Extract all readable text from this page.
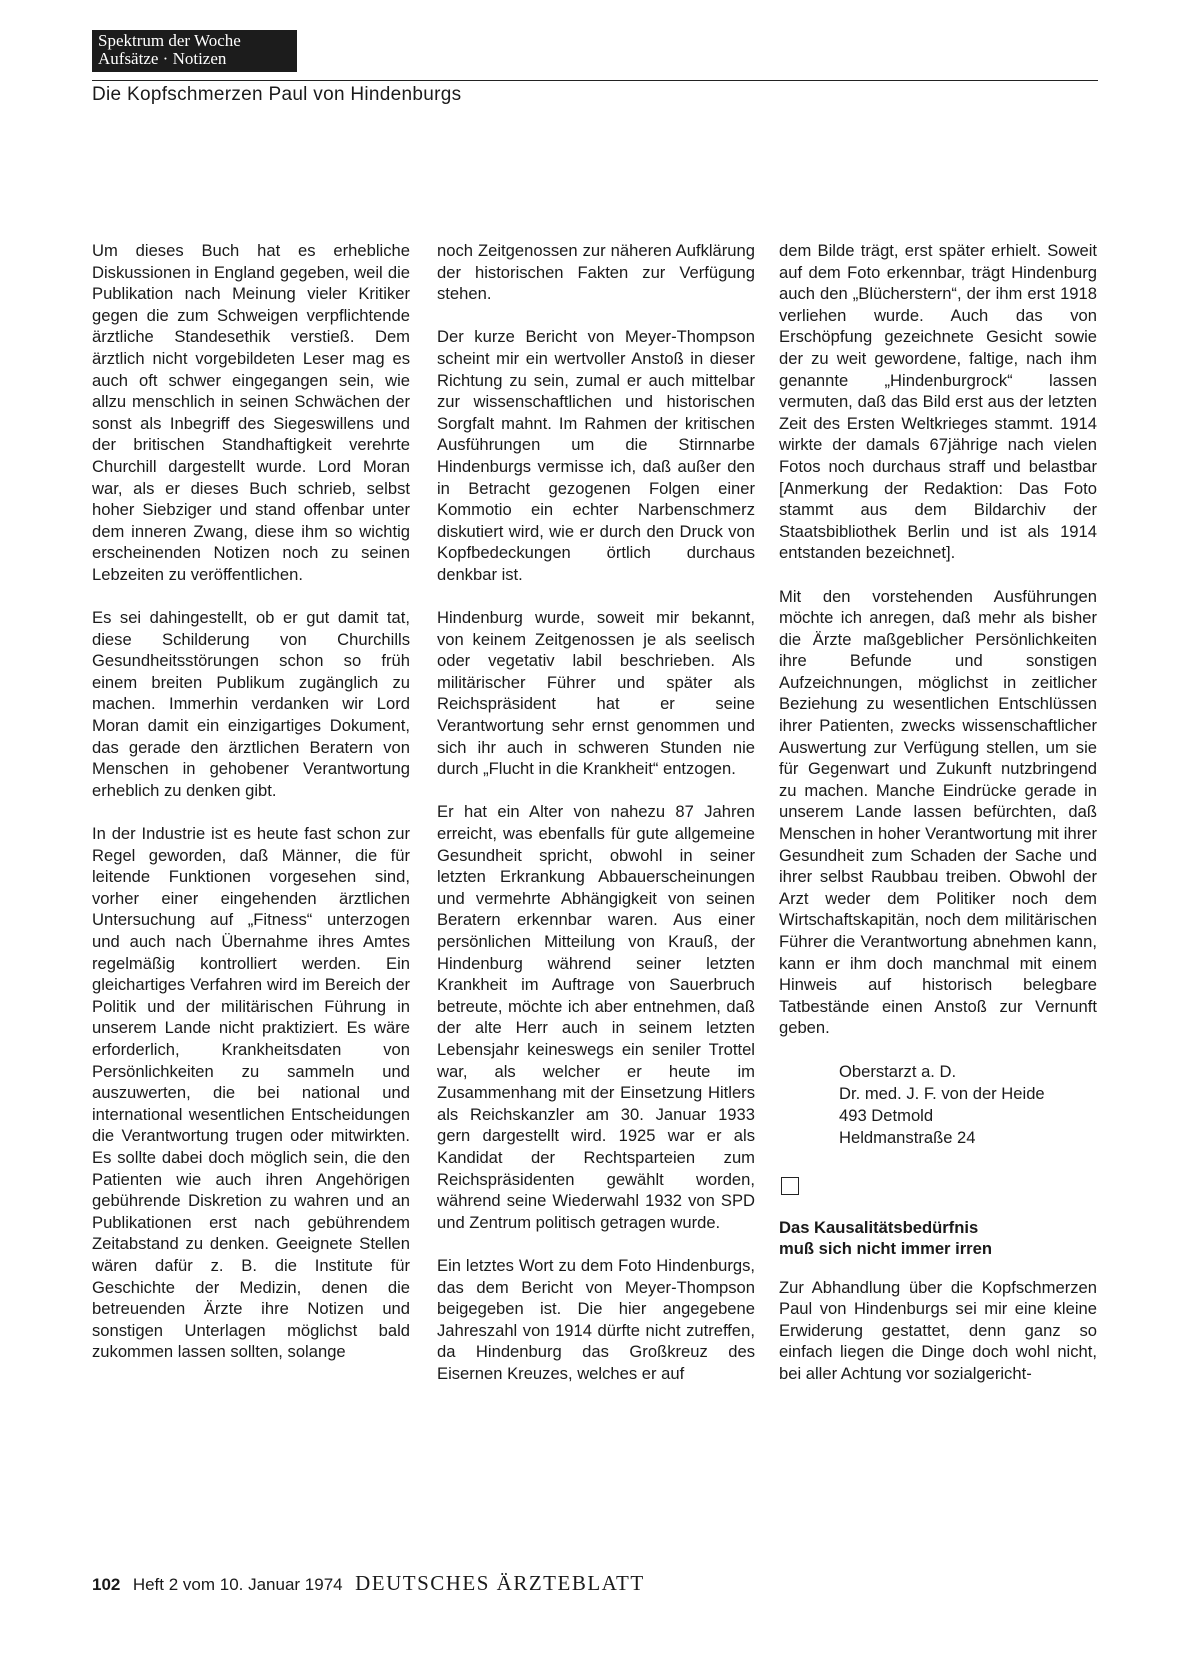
Spektrum der Woche
Aufsätze · Notizen
Die Kopfschmerzen Paul von Hindenburgs

Um dieses Buch hat es erhebliche Diskussionen in England gegeben, weil die Publikation nach Meinung vieler Kritiker gegen die zum Schweigen verpflichtende ärztliche Standesethik verstieß. Dem ärztlich nicht vorgebildeten Leser mag es auch oft schwer eingegangen sein, wie allzu menschlich in seinen Schwächen der sonst als Inbegriff des Siegeswillens und der britischen Standhaftigkeit verehrte Churchill dargestellt wurde. Lord Moran war, als er dieses Buch schrieb, selbst hoher Siebziger und stand offenbar unter dem inneren Zwang, diese ihm so wichtig erscheinenden Notizen noch zu seinen Lebzeiten zu veröffentlichen.

Es sei dahingestellt, ob er gut damit tat, diese Schilderung von Churchills Gesundheitsstörungen schon so früh einem breiten Publikum zugänglich zu machen. Immerhin verdanken wir Lord Moran damit ein einzigartiges Dokument, das gerade den ärztlichen Beratern von Menschen in gehobener Verantwortung erheblich zu denken gibt.

In der Industrie ist es heute fast schon zur Regel geworden, daß Männer, die für leitende Funktionen vorgesehen sind, vorher einer eingehenden ärztlichen Untersuchung auf „Fitness“ unterzogen und auch nach Übernahme ihres Amtes regelmäßig kontrolliert werden. Ein gleichartiges Verfahren wird im Bereich der Politik und der militärischen Führung in unserem Lande nicht praktiziert. Es wäre erforderlich, Krankheitsdaten von Persönlichkeiten zu sammeln und auszuwerten, die bei national und international wesentlichen Entscheidungen die Verantwortung trugen oder mitwirkten. Es sollte dabei doch möglich sein, die den Patienten wie auch ihren Angehörigen gebührende Diskretion zu wahren und an Publikationen erst nach gebührendem Zeitabstand zu denken. Geeignete Stellen wären dafür z. B. die Institute für Geschichte der Medizin, denen die betreuenden Ärzte ihre Notizen und sonstigen Unterlagen möglichst bald zukommen lassen sollten, solange

noch Zeitgenossen zur näheren Aufklärung der historischen Fakten zur Verfügung stehen.

Der kurze Bericht von Meyer-Thompson scheint mir ein wertvoller Anstoß in dieser Richtung zu sein, zumal er auch mittelbar zur wissenschaftlichen und historischen Sorgfalt mahnt. Im Rahmen der kritischen Ausführungen um die Stirnnarbe Hindenburgs vermisse ich, daß außer den in Betracht gezogenen Folgen einer Kommotio ein echter Narbenschmerz diskutiert wird, wie er durch den Druck von Kopfbedeckungen örtlich durchaus denkbar ist.

Hindenburg wurde, soweit mir bekannt, von keinem Zeitgenossen je als seelisch oder vegetativ labil beschrieben. Als militärischer Führer und später als Reichspräsident hat er seine Verantwortung sehr ernst genommen und sich ihr auch in schweren Stunden nie durch „Flucht in die Krankheit“ entzogen.

Er hat ein Alter von nahezu 87 Jahren erreicht, was ebenfalls für gute allgemeine Gesundheit spricht, obwohl in seiner letzten Erkrankung Abbauerscheinungen und vermehrte Abhängigkeit von seinen Beratern erkennbar waren. Aus einer persönlichen Mitteilung von Krauß, der Hindenburg während seiner letzten Krankheit im Auftrage von Sauerbruch betreute, möchte ich aber entnehmen, daß der alte Herr auch in seinem letzten Lebensjahr keineswegs ein seniler Trottel war, als welcher er heute im Zusammenhang mit der Einsetzung Hitlers als Reichskanzler am 30. Januar 1933 gern dargestellt wird. 1925 war er als Kandidat der Rechtsparteien zum Reichspräsidenten gewählt worden, während seine Wiederwahl 1932 von SPD und Zentrum politisch getragen wurde.

Ein letztes Wort zu dem Foto Hindenburgs, das dem Bericht von Meyer-Thompson beigegeben ist. Die hier angegebene Jahreszahl von 1914 dürfte nicht zutreffen, da Hindenburg das Großkreuz des Eisernen Kreuzes, welches er auf

dem Bilde trägt, erst später erhielt. Soweit auf dem Foto erkennbar, trägt Hindenburg auch den „Blücherstern“, der ihm erst 1918 verliehen wurde. Auch das von Erschöpfung gezeichnete Gesicht sowie der zu weit gewordene, faltige, nach ihm genannte „Hindenburgrock“ lassen vermuten, daß das Bild erst aus der letzten Zeit des Ersten Weltkrieges stammt. 1914 wirkte der damals 67jährige nach vielen Fotos noch durchaus straff und belastbar [Anmerkung der Redaktion: Das Foto stammt aus dem Bildarchiv der Staatsbibliothek Berlin und ist als 1914 entstanden bezeichnet].

Mit den vorstehenden Ausführungen möchte ich anregen, daß mehr als bisher die Ärzte maßgeblicher Persönlichkeiten ihre Befunde und sonstigen Aufzeichnungen, möglichst in zeitlicher Beziehung zu wesentlichen Entschlüssen ihrer Patienten, zwecks wissenschaftlicher Auswertung zur Verfügung stellen, um sie für Gegenwart und Zukunft nutzbringend zu machen. Manche Eindrücke gerade in unserem Lande lassen befürchten, daß Menschen in hoher Verantwortung mit ihrer Gesundheit zum Schaden der Sache und ihrer selbst Raubbau treiben. Obwohl der Arzt weder dem Politiker noch dem Wirtschaftskapitän, noch dem militärischen Führer die Verantwortung abnehmen kann, kann er ihm doch manchmal mit einem Hinweis auf historisch belegbare Tatbestände einen Anstoß zur Vernunft geben.

Oberstarzt a. D.
Dr. med. J. F. von der Heide
493 Detmold
Heldmanstraße 24
Das Kausalitätsbedürfnis
muß sich nicht immer irren

Zur Abhandlung über die Kopfschmerzen Paul von Hindenburgs sei mir eine kleine Erwiderung gestattet, denn ganz so einfach liegen die Dinge doch wohl nicht, bei aller Achtung vor sozialgericht-

102 Heft 2 vom 10. Januar 1974 DEUTSCHES ÄRZTEBLATT
